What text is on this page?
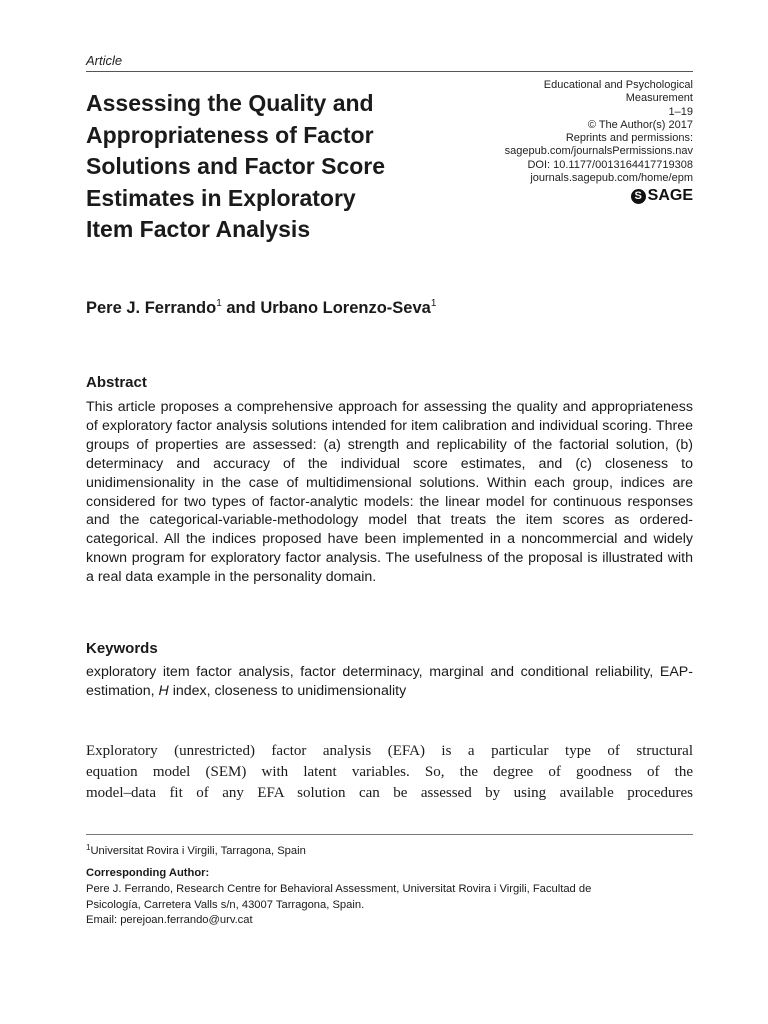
Article
Assessing the Quality and
Appropriateness of Factor
Solutions and Factor Score
Estimates in Exploratory
Item Factor Analysis
Educational and Psychological
Measurement
1–19
© The Author(s) 2017
Reprints and permissions:
sagepub.com/journalsPermissions.nav
DOI: 10.1177/0013164417719308
journals.sagepub.com/home/epm
S SAGE
Pere J. Ferrando$^1$ and Urbano Lorenzo-Seva$^1$
Abstract

This article proposes a comprehensive approach for assessing the quality and appropriateness of exploratory factor analysis solutions intended for item calibration and individual scoring. Three groups of properties are assessed: (a) strength and replicability of the factorial solution, (b) determinacy and accuracy of the individual score estimates, and (c) closeness to unidimensionality in the case of multidimensional solutions. Within each group, indices are considered for two types of factor-analytic models: the linear model for continuous responses and the categorical-variable-methodology model that treats the item scores as ordered-categorical. All the indices proposed have been implemented in a noncommercial and widely known program for exploratory factor analysis. The usefulness of the proposal is illustrated with a real data example in the personality domain.

Keywords

exploratory item factor analysis, factor determinacy, marginal and conditional reliability, EAP-estimation, H index, closeness to unidimensionality

Exploratory (unrestricted) factor analysis (EFA) is a particular type of structural
equation model (SEM) with latent variables. So, the degree of goodness of the
model–data fit of any EFA solution can be assessed by using available procedures

$^1$Universitat Rovira i Virgili, Tarragona, Spain

Corresponding Author:

Pere J. Ferrando, Research Centre for Behavioral Assessment, Universitat Rovira i Virgili, Facultad de
Psicología, Carretera Valls s/n, 43007 Tarragona, Spain.
Email: perejoan.ferrando@urv.cat
